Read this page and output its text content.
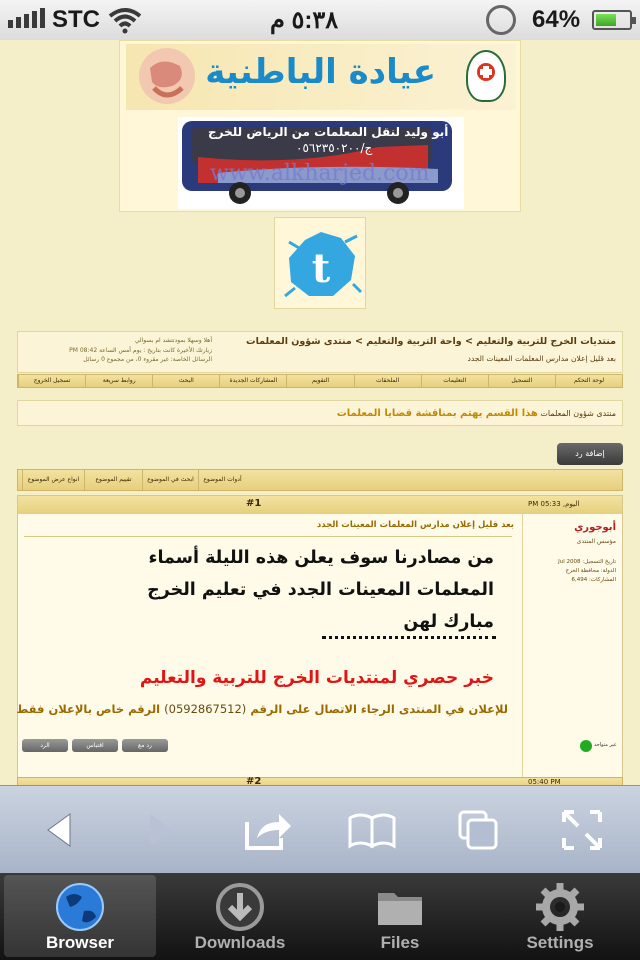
STC	٥:٣٨ م	64%
عيادة الباطنية
أبو وليد لنقل المعلمات من الرياض للخرج
ج/٠٥٦٢٣٥٠٢٠٠
www.alkharjed.com
t
منتديات الخرج للتربية والتعليم > واحة التربية والتعليم > منتدى شؤون المعلمات
بعد قليل إعلان مدارس المعلمات المعينات الجدد
أهلا وسهلا بمودتتشد ام بسوالي
زيارتك الأخيرة كانت بتاريخ : يوم أمس الساعة 08:42 PM
الرسائل الخاصة: غير مقروء 0، من مجموع 0 رسائل
لوحة التحكم
التسجيل
التعليمات
الملحقات
التقويم
المشاركات الجديدة
البحث
روابط سريعة
تسجيل الخروج
منتدى شؤون المعلمات هذا القسم يهتم بمناقشة قضايا المعلمات
إضافة رد
أدوات الموضوع
ابحث في الموضوع
تقييم الموضوع
انواع عرض الموضوع
#1	اليوم, 05:33 PM
أبوجوري
مؤسس المنتدى
تاريخ التسجيل: Jul 2008
الدولة: محافظة الخرج
المشاركات: 6,494
بعد قليل إعلان مدارس المعلمات المعينات الجدد
من مصادرنا سوف يعلن هذه الليلة أسماء
المعلمات المعينات الجدد في تعليم الخرج
مبارك لهن
خبر حصري لمنتديات الخرج للتربية والتعليم
للإعلان في المنتدى الرجاء الاتصال على الرقم (0592867512) الرقم خاص بالإعلان فقط
رد مع
اقتباس
الرد	غير متواجد
#2	05:40 PM
Browser	Downloads	Files	Settings
